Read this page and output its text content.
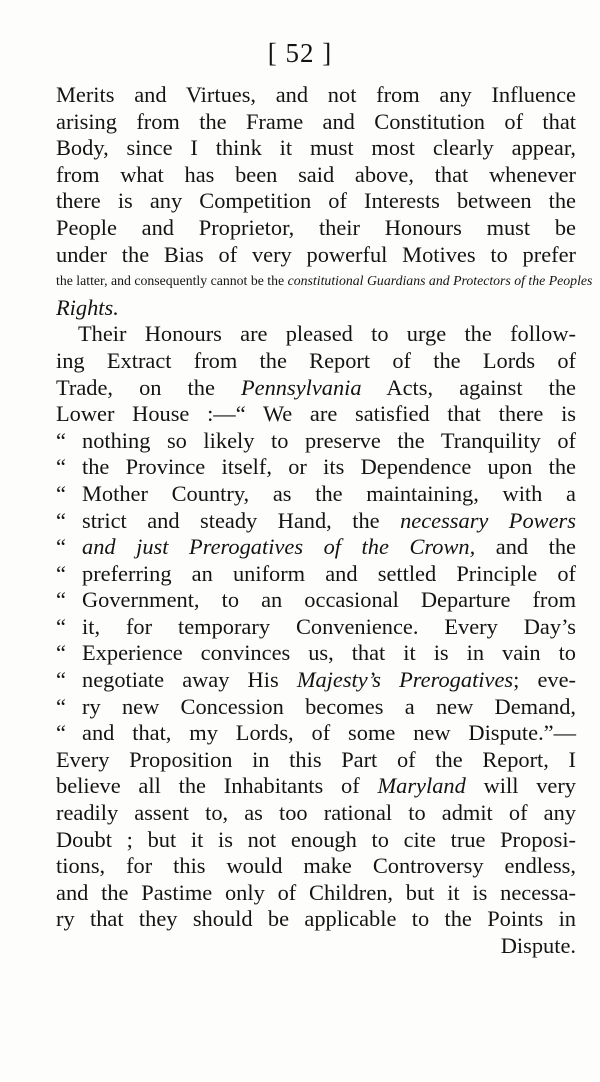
[ 52 ]
Merits and Virtues, and not from any Influence
arising from the Frame and Constitution of that
Body, since I think it must most clearly appear,
from what has been said above, that whenever
there is any Competition of Interests between the
People and Proprietor, their Honours must be
under the Bias of very powerful Motives to prefer
the latter, and consequently cannot be the constitutional Guardians and Protectors of the Peoples
Rights.
Their Honours are pleased to urge the follow-
ing Extract from the Report of the Lords of
Trade, on the Pennsylvania Acts, against the
Lower House :—“ We are satisfied that there is
“ nothing so likely to preserve the Tranquility of
“ the Province itself, or its Dependence upon the
“ Mother Country, as the maintaining, with a
“ strict and steady Hand, the necessary Powers
“ and just Prerogatives of the Crown, and the
“ preferring an uniform and settled Principle of
“ Government, to an occasional Departure from
“ it, for temporary Convenience. Every Day’s
“ Experience convinces us, that it is in vain to
“ negotiate away His Majesty’s Prerogatives; eve-
“ ry new Concession becomes a new Demand,
“ and that, my Lords, of some new Dispute.”—
Every Proposition in this Part of the Report, I
believe all the Inhabitants of Maryland will very
readily assent to, as too rational to admit of any
Doubt ; but it is not enough to cite true Proposi-
tions, for this would make Controversy endless,
and the Pastime only of Children, but it is necessa-
ry that they should be applicable to the Points in
Dispute.
